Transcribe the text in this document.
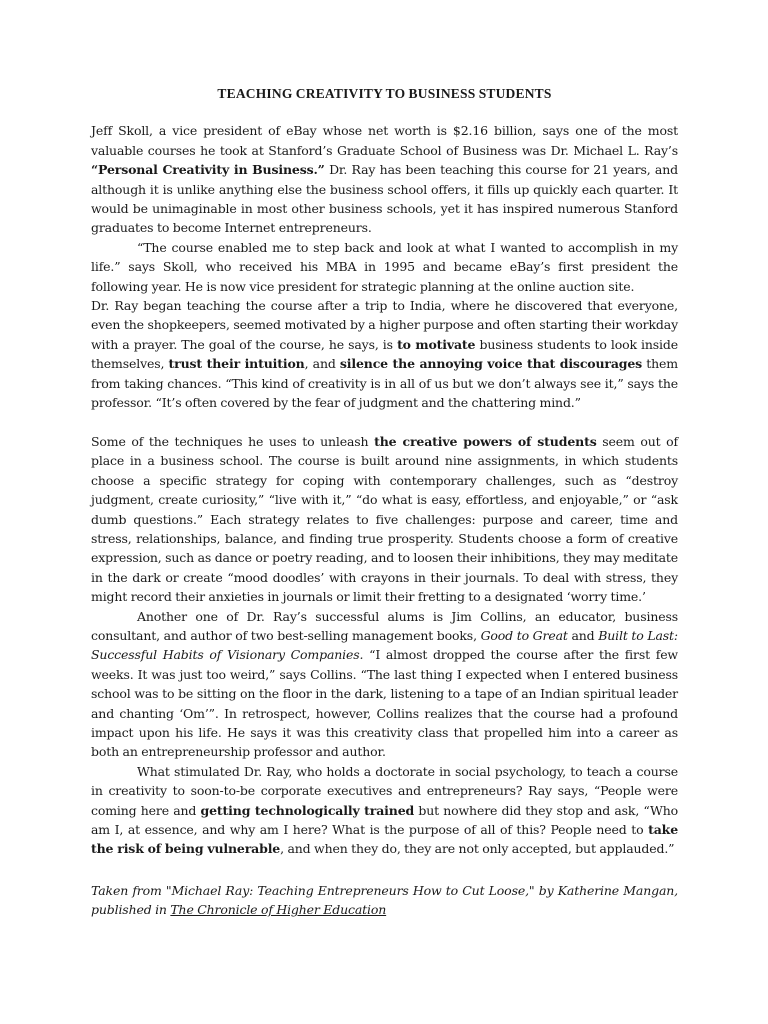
TEACHING CREATIVITY TO BUSINESS STUDENTS

Jeff Skoll, a vice president of eBay whose net worth is $2.16 billion, says one of the most valuable courses he took at Stanford’s Graduate School of Business was Dr. Michael L. Ray’s “Personal Creativity in Business.” Dr. Ray has been teaching this course for 21 years, and although it is unlike anything else the business school offers, it fills up quickly each quarter. It would be unimaginable in most other business schools, yet it has inspired numerous Stanford graduates to become Internet entrepreneurs.

“The course enabled me to step back and look at what I wanted to accomplish in my life.” says Skoll, who received his MBA in 1995 and became eBay’s first president the following year. He is now vice president for strategic planning at the online auction site.

Dr. Ray began teaching the course after a trip to India, where he discovered that everyone, even the shopkeepers, seemed motivated by a higher purpose and often starting their workday with a prayer. The goal of the course, he says, is to motivate business students to look inside themselves, trust their intuition, and silence the annoying voice that discourages them from taking chances. “This kind of creativity is in all of us but we don’t always see it,” says the professor. “It’s often covered by the fear of judgment and the chattering mind.”

Some of the techniques he uses to unleash the creative powers of students seem out of place in a business school. The course is built around nine assignments, in which students choose a specific strategy for coping with contemporary challenges, such as “destroy judgment, create curiosity,” “live with it,” “do what is easy, effortless, and enjoyable,” or “ask dumb questions.” Each strategy relates to five challenges: purpose and career, time and stress, relationships, balance, and finding true prosperity. Students choose a form of creative expression, such as dance or poetry reading, and to loosen their inhibitions, they may meditate in the dark or create “mood doodles’ with crayons in their journals. To deal with stress, they might record their anxieties in journals or limit their fretting to a designated ‘worry time.’

Another one of Dr. Ray’s successful alums is Jim Collins, an educator, business consultant, and author of two best-selling management books, Good to Great and Built to Last: Successful Habits of Visionary Companies. “I almost dropped the course after the first few weeks. It was just too weird,” says Collins. “The last thing I expected when I entered business school was to be sitting on the floor in the dark, listening to a tape of an Indian spiritual leader and chanting ‘Om’”. In retrospect, however, Collins realizes that the course had a profound impact upon his life. He says it was this creativity class that propelled him into a career as both an entrepreneurship professor and author.

What stimulated Dr. Ray, who holds a doctorate in social psychology, to teach a course in creativity to soon-to-be corporate executives and entrepreneurs? Ray says, “People were coming here and getting technologically trained but nowhere did they stop and ask, “Who am I, at essence, and why am I here? What is the purpose of all of this? People need to take the risk of being vulnerable, and when they do, they are not only accepted, but applauded.”

Taken from "Michael Ray: Teaching Entrepreneurs How to Cut Loose," by Katherine Mangan, published in The Chronicle of Higher Education
